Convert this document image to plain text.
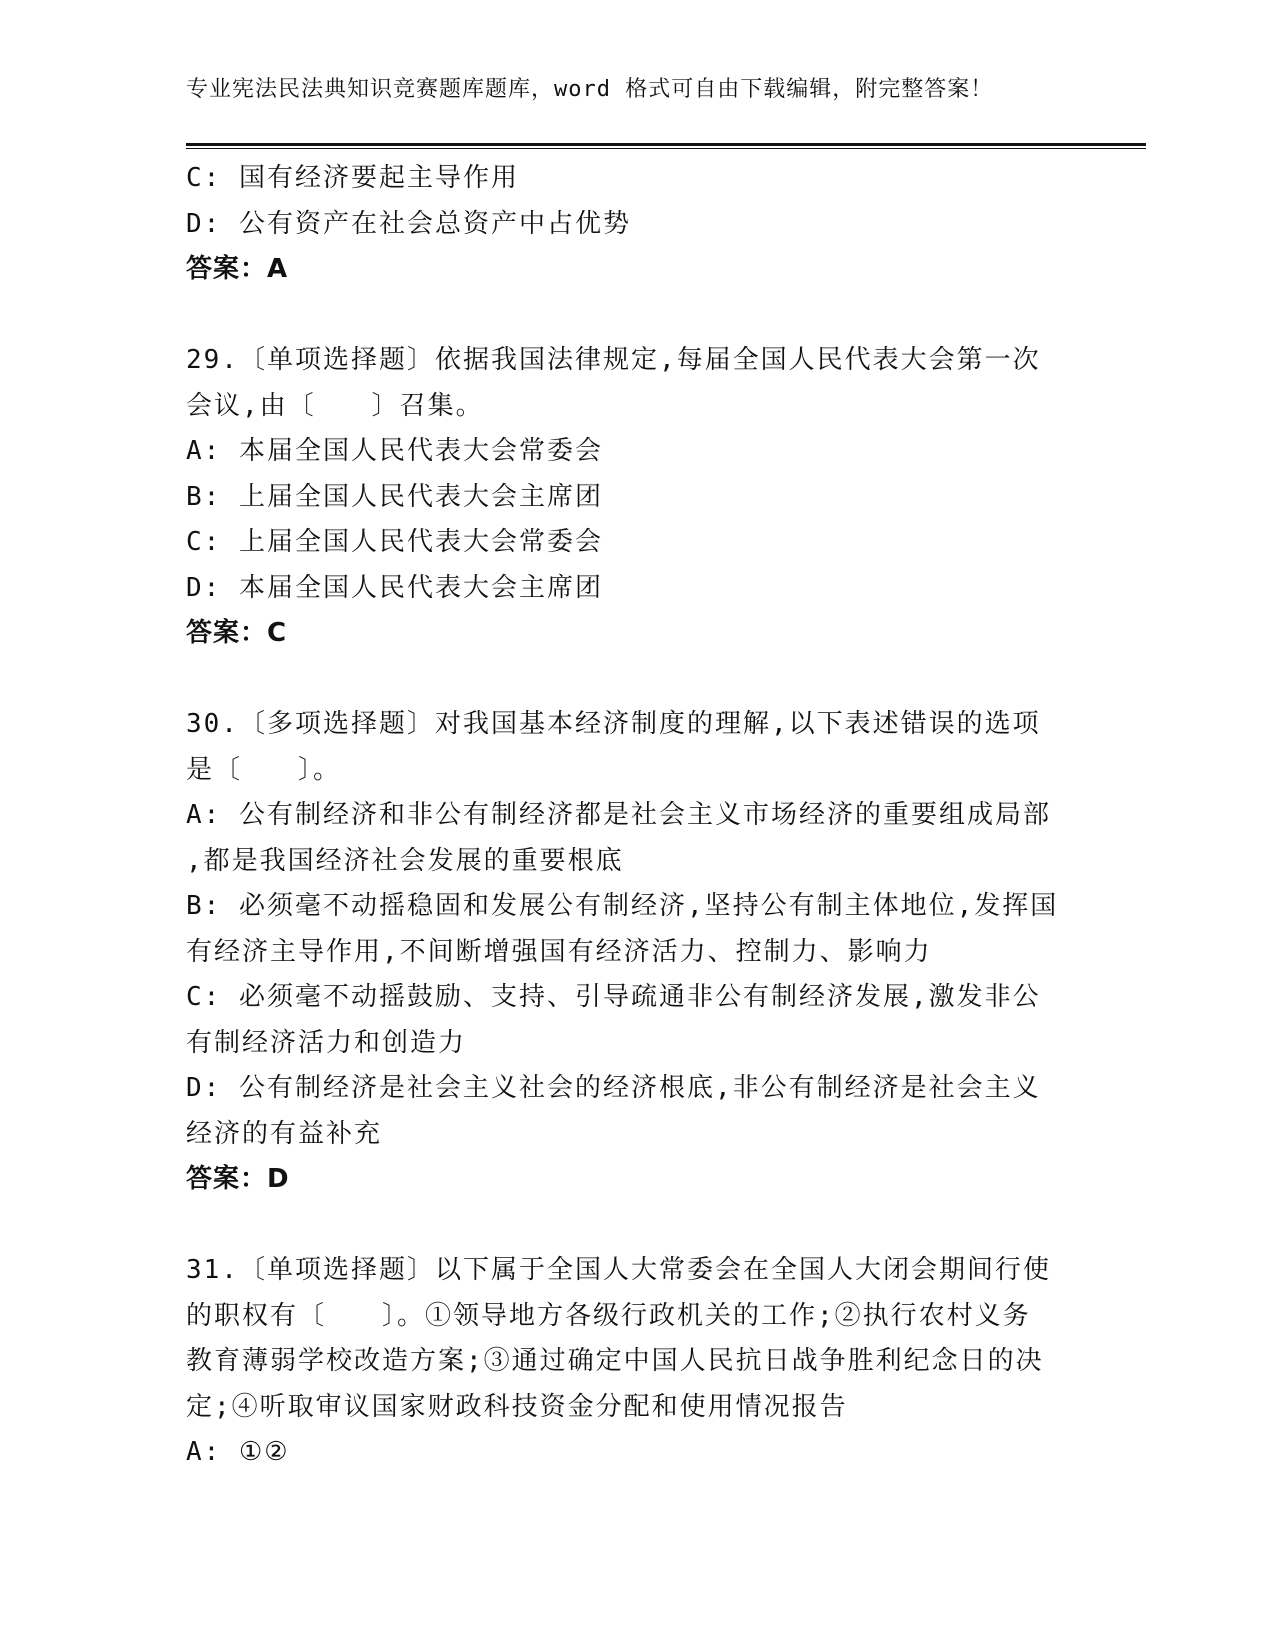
专业宪法民法典知识竞赛题库题库，word 格式可自由下载编辑，附完整答案！
C: 国有经济要起主导作用
D: 公有资产在社会总资产中占优势
答案：A
29.〔单项选择题〕依据我国法律规定,每届全国人民代表大会第一次
会议,由〔　　〕召集。
A: 本届全国人民代表大会常委会
B: 上届全国人民代表大会主席团
C: 上届全国人民代表大会常委会
D: 本届全国人民代表大会主席团
答案：C
30.〔多项选择题〕对我国基本经济制度的理解,以下表述错误的选项
是〔　　〕。
A: 公有制经济和非公有制经济都是社会主义市场经济的重要组成局部
,都是我国经济社会发展的重要根底
B: 必须毫不动摇稳固和发展公有制经济,坚持公有制主体地位,发挥国
有经济主导作用,不间断增强国有经济活力、控制力、影响力
C: 必须毫不动摇鼓励、支持、引导疏通非公有制经济发展,激发非公
有制经济活力和创造力
D: 公有制经济是社会主义社会的经济根底,非公有制经济是社会主义
经济的有益补充
答案：D
31.〔单项选择题〕以下属于全国人大常委会在全国人大闭会期间行使
的职权有〔　　〕。①领导地方各级行政机关的工作;②执行农村义务
教育薄弱学校改造方案;③通过确定中国人民抗日战争胜利纪念日的决
定;④听取审议国家财政科技资金分配和使用情况报告
A: ①②
